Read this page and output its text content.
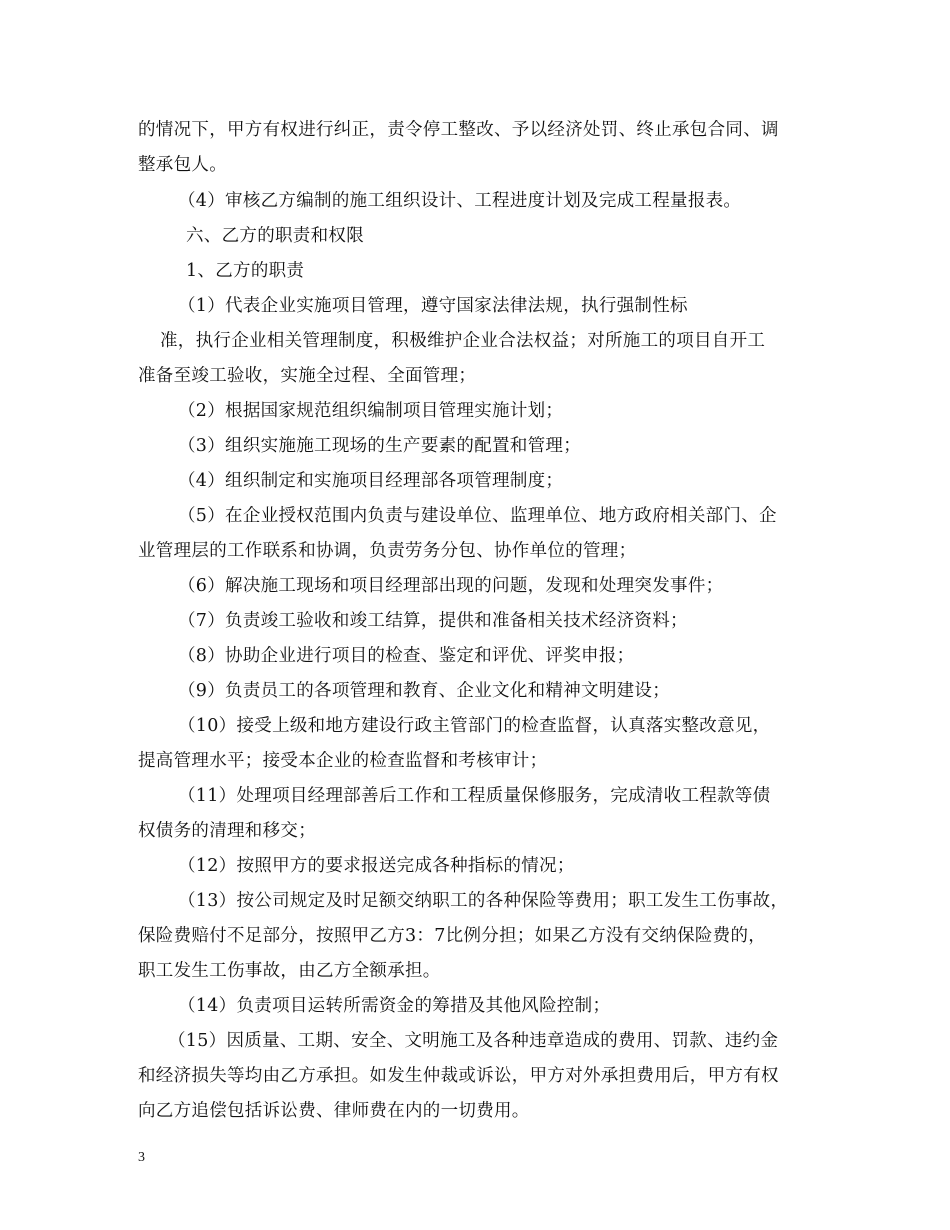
的情况下，甲方有权进行纠正，责令停工整改、予以经济处罚、终止承包合同、调
整承包人。
（4）审核乙方编制的施工组织设计、工程进度计划及完成工程量报表。
六、乙方的职责和权限
1、乙方的职责
（1）代表企业实施项目管理，遵守国家法律法规，执行强制性标
准，执行企业相关管理制度，积极维护企业合法权益；对所施工的项目自开工
准备至竣工验收，实施全过程、全面管理；
（2）根据国家规范组织编制项目管理实施计划；
（3）组织实施施工现场的生产要素的配置和管理；
（4）组织制定和实施项目经理部各项管理制度；
（5）在企业授权范围内负责与建设单位、监理单位、地方政府相关部门、企
业管理层的工作联系和协调，负责劳务分包、协作单位的管理；
（6）解决施工现场和项目经理部出现的问题，发现和处理突发事件；
（7）负责竣工验收和竣工结算，提供和准备相关技术经济资料；
（8）协助企业进行项目的检查、鉴定和评优、评奖申报；
（9）负责员工的各项管理和教育、企业文化和精神文明建设；
（10）接受上级和地方建设行政主管部门的检查监督，认真落实整改意见，
提高管理水平；接受本企业的检查监督和考核审计；
（11）处理项目经理部善后工作和工程质量保修服务，完成清收工程款等债
权债务的清理和移交；
（12）按照甲方的要求报送完成各种指标的情况；
（13）按公司规定及时足额交纳职工的各种保险等费用；职工发生工伤事故，
保险费赔付不足部分，按照甲乙方3：7比例分担；如果乙方没有交纳保险费的，
职工发生工伤事故，由乙方全额承担。
（14）负责项目运转所需资金的筹措及其他风险控制；
（15）因质量、工期、安全、文明施工及各种违章造成的费用、罚款、违约金
和经济损失等均由乙方承担。如发生仲裁或诉讼，甲方对外承担费用后，甲方有权
向乙方追偿包括诉讼费、律师费在内的一切费用。
3
